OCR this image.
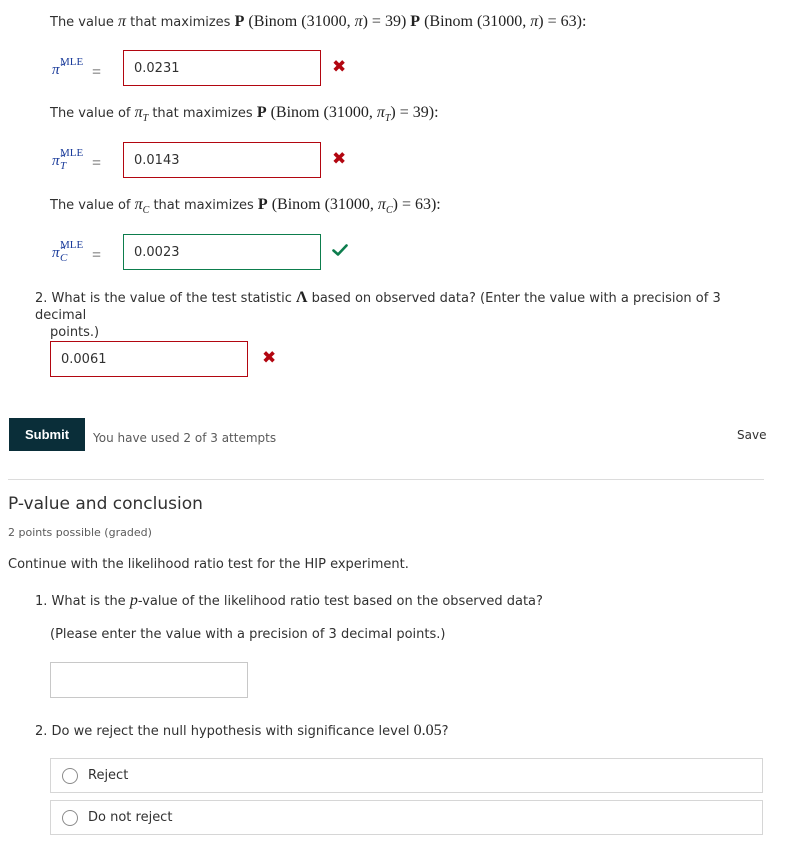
The value π that maximizes P (Binom (31000, π) = 39) P (Binom (31000, π) = 63):
π̂ MLE
=	0.0231	✖
The value of $\pi_T$ that maximizes P (Binom (31000, $\pi_T) = 39$):
π̂ MLE
T =	0.0143	✖
The value of $\pi_C$ that maximizes P (Binom (31000, $\pi_C) = 63$):
π̂ MLE
C =	0.0023
2. What is the value of the test statistic Λ based on observed data? (Enter the value with a precision of 3 decimal
points.)
0.0061	✖
Submit	You have used 2 of 3 attempts	Save
P-value and conclusion
2 points possible (graded)
Continue with the likelihood ratio test for the HIP experiment.
1. What is the p-value of the likelihood ratio test based on the observed data?
(Please enter the value with a precision of 3 decimal points.)
2. Do we reject the null hypothesis with significance level 0.05?
Reject
Do not reject
